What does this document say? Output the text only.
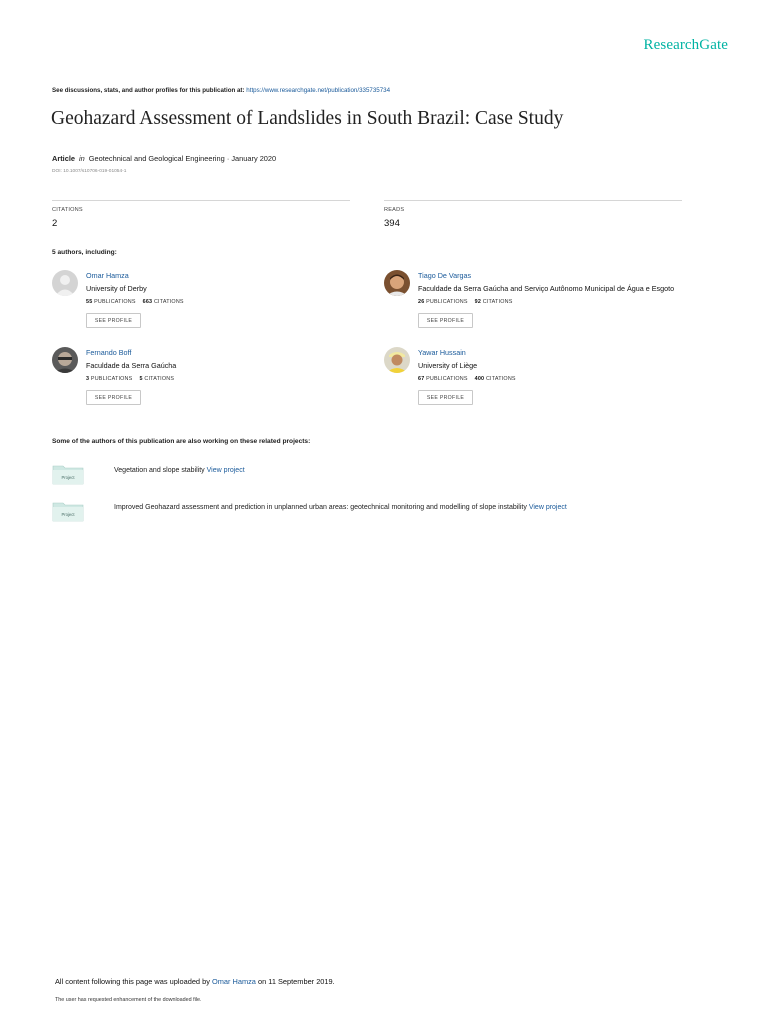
ResearchGate
See discussions, stats, and author profiles for this publication at: https://www.researchgate.net/publication/335735734
Geohazard Assessment of Landslides in South Brazil: Case Study
Article in Geotechnical and Geological Engineering · January 2020
DOI: 10.1007/s10706-019-01054-1
CITATIONS
2
READS
394
5 authors, including:
Omar Hamza
University of Derby
55 PUBLICATIONS 663 CITATIONS
SEE PROFILE
Tiago De Vargas
Faculdade da Serra Gaúcha and Serviço Autônomo Municipal de Água e Esgoto
26 PUBLICATIONS 92 CITATIONS
SEE PROFILE
Fernando Boff
Faculdade da Serra Gaúcha
3 PUBLICATIONS 5 CITATIONS
SEE PROFILE
Yawar Hussain
University of Liège
67 PUBLICATIONS 400 CITATIONS
SEE PROFILE
Some of the authors of this publication are also working on these related projects:
Project
Vegetation and slope stability View project
Project
Improved Geohazard assessment and prediction in unplanned urban areas: geotechnical monitoring and modelling of slope instability View project
All content following this page was uploaded by Omar Hamza on 11 September 2019.
The user has requested enhancement of the downloaded file.
